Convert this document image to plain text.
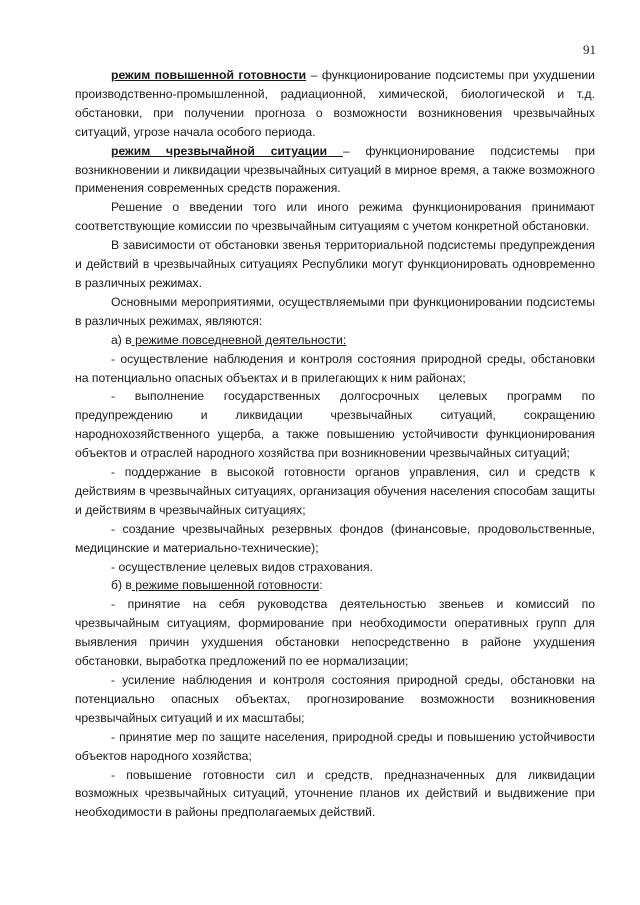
91

режим повышенной готовности – функционирование подсистемы при ухудшении производственно-промышленной, радиационной, химической, биологической и т.д. обстановки, при получении прогноза о возможности возникновения чрезвычайных ситуаций, угрозе начала особого периода.

режим чрезвычайной ситуации – функционирование подсистемы при возникновении и ликвидации чрезвычайных ситуаций в мирное время, а также возможного применения современных средств поражения.

Решение о введении того или иного режима функционирования принимают соответствующие комиссии по чрезвычайным ситуациям с учетом конкретной обстановки.

В зависимости от обстановки звенья территориальной подсистемы предупреждения и действий в чрезвычайных ситуациях Республики могут функционировать одновременно в различных режимах.

Основными мероприятиями, осуществляемыми при функционировании подсистемы в различных режимах, являются:

а) в режиме повседневной деятельности:

- осуществление наблюдения и контроля состояния природной среды, обстановки на потенциально опасных объектах и в прилегающих к ним районах;

- выполнение государственных долгосрочных целевых программ по предупреждению и ликвидации чрезвычайных ситуаций, сокращению народнохозяйственного ущерба, а также повышению устойчивости функционирования объектов и отраслей народного хозяйства при возникновении чрезвычайных ситуаций;

- поддержание в высокой готовности органов управления, сил и средств к действиям в чрезвычайных ситуациях, организация обучения населения способам защиты и действиям в чрезвычайных ситуациях;

- создание чрезвычайных резервных фондов (финансовые, продовольственные, медицинские и материально-технические);

- осуществление целевых видов страхования.

б) в режиме повышенной готовности:

- принятие на себя руководства деятельностью звеньев и комиссий по чрезвычайным ситуациям, формирование при необходимости оперативных групп для выявления причин ухудшения обстановки непосредственно в районе ухудшения обстановки, выработка предложений по ее нормализации;

- усиление наблюдения и контроля состояния природной среды, обстановки на потенциально опасных объектах, прогнозирование возможности возникновения чрезвычайных ситуаций и их масштабы;

- принятие мер по защите населения, природной среды и повышению устойчивости объектов народного хозяйства;

- повышение готовности сил и средств, предназначенных для ликвидации возможных чрезвычайных ситуаций, уточнение планов их действий и выдвижение при необходимости в районы предполагаемых действий.
